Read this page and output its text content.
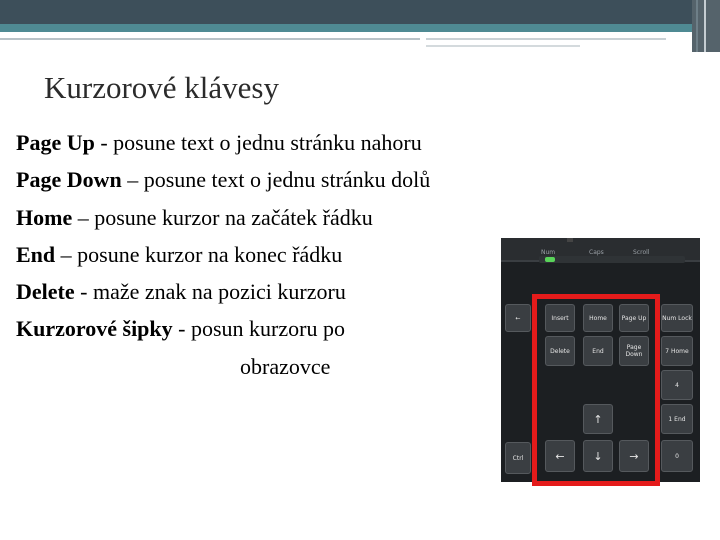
Kurzorové klávesy
Page Up - posune text o jednu stránku nahoru
Page Down – posune text o jednu stránku dolů
Home – posune kurzor na začátek řádku
End – posune kurzor na konec řádku
Delete - maže znak na pozici kurzoru
Kurzorové šipky - posun kurzoru po
obrazovce
Num	Caps	Scroll
←
Ctrl
Insert	Home	Page Up
Delete	End	Page Down
↑
←	↓	→
Num Lock
7 Home
4
1 End
0
